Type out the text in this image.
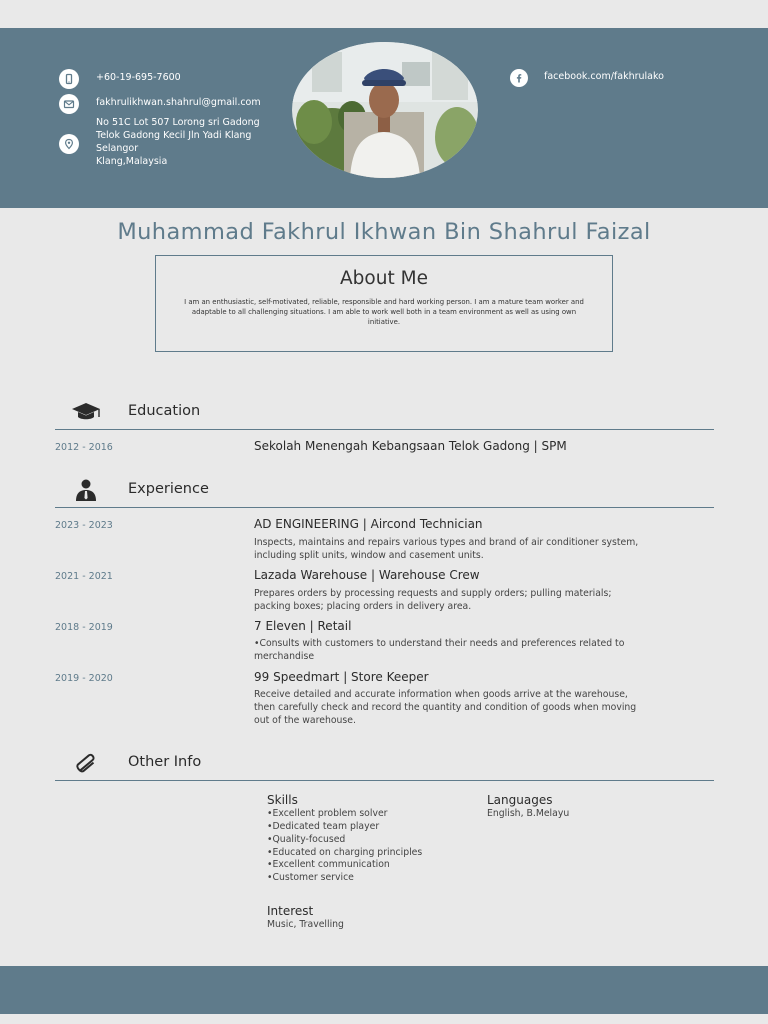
+60-19-695-7600
fakhrulikhwan.shahrul@gmail.com
No 51C Lot 507 Lorong sri Gadong
Telok Gadong Kecil Jln Yadi Klang
Selangor
Klang,Malaysia
facebook.com/fakhrulako
Muhammad Fakhrul Ikhwan Bin Shahrul Faizal
About Me
I am an enthusiastic, self-motivated, reliable, responsible and hard working person. I am a mature team worker and adaptable to all challenging situations. I am able to work well both in a team environment as well as using own initiative.
Education
2012 - 2016	Sekolah Menengah Kebangsaan Telok Gadong | SPM
Experience
2023 - 2023	AD ENGINEERING | Aircond Technician
Inspects, maintains and repairs various types and brand of air conditioner system,
including split units, window and casement units.
2021 - 2021	Lazada Warehouse | Warehouse Crew
Prepares orders by processing requests and supply orders; pulling materials;
packing boxes; placing orders in delivery area.
2018 - 2019	7 Eleven | Retail
•Consults with customers to understand their needs and preferences related to
merchandise
2019 - 2020	99 Speedmart | Store Keeper
Receive detailed and accurate information when goods arrive at the warehouse,
then carefully check and record the quantity and condition of goods when moving
out of the warehouse.
Other Info
Skills
•Excellent problem solver
•Dedicated team player
•Quality-focused
•Educated on charging principles
•Excellent communication
•Customer service
Languages
English, B.Melayu
Interest
Music, Travelling
